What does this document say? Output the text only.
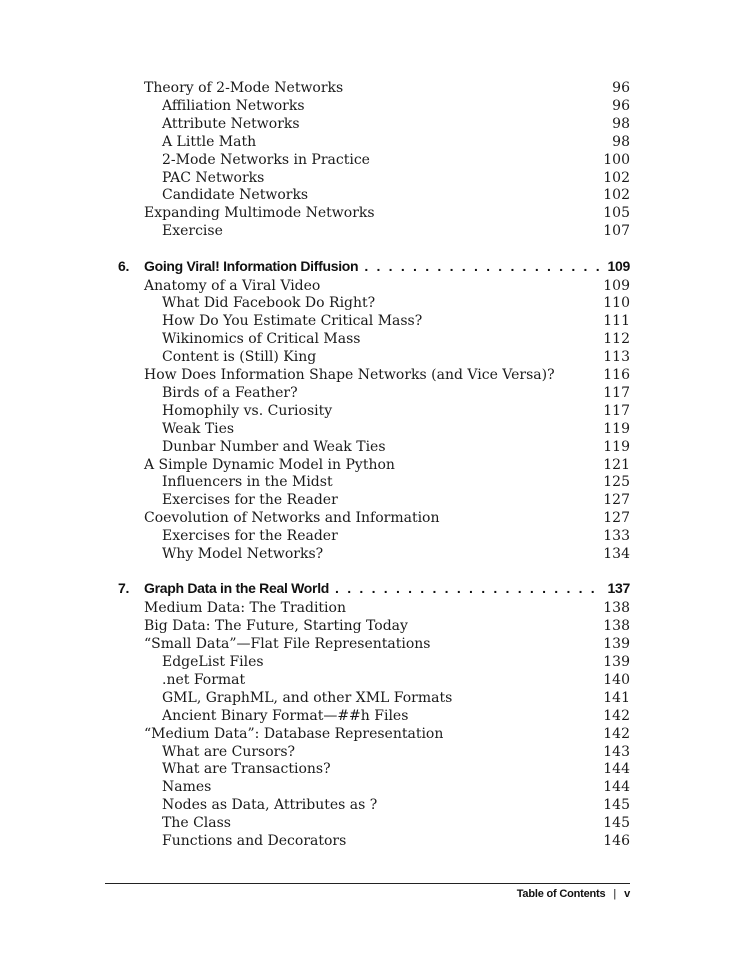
Theory of 2-Mode Networks	96
Affiliation Networks	96
Attribute Networks	98
A Little Math	98
2-Mode Networks in Practice	100
PAC Networks	102
Candidate Networks	102
Expanding Multimode Networks	105
Exercise	107
6.	Going Viral! Information Diffusion . . .	109
Anatomy of a Viral Video	109
What Did Facebook Do Right?	110
How Do You Estimate Critical Mass?	111
Wikinomics of Critical Mass	112
Content is (Still) King	113
How Does Information Shape Networks (and Vice Versa)?	116
Birds of a Feather?	117
Homophily vs. Curiosity	117
Weak Ties	119
Dunbar Number and Weak Ties	119
A Simple Dynamic Model in Python	121
Influencers in the Midst	125
Exercises for the Reader	127
Coevolution of Networks and Information	127
Exercises for the Reader	133
Why Model Networks?	134
7.	Graph Data in the Real World . . .	137
Medium Data: The Tradition	138
Big Data: The Future, Starting Today	138
“Small Data”—Flat File Representations	139
EdgeList Files	139
.net Format	140
GML, GraphML, and other XML Formats	141
Ancient Binary Format—##h Files	142
“Medium Data”: Database Representation	142
What are Cursors?	143
What are Transactions?	144
Names	144
Nodes as Data, Attributes as ?	145
The Class	145
Functions and Decorators	146
Table of Contents | v
